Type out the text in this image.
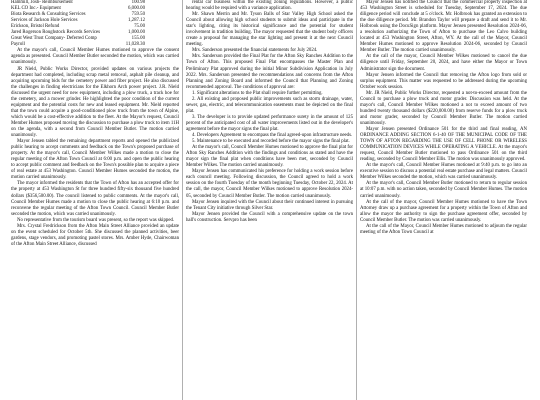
Hammill, Josh- Reimbursement	100.98
KEL CO Inc.- Equipment	6,000.00
Biota Research & Consulting Services	759.50
Services of Jackson Hole Services	1,287.12
Erickson, Bristol Refund	75.00
Jared Rogerson Roughstock Records Services	1,000.00
Great West Trust Company- Deferred Comp	155.00
Payroll	11,028.30

At the mayor's call, Council Member Humes motioned to approve the consent agenda as presented. Council Member Butler seconded the motion, which was carried unanimously.

JR Nield, Public Works Director, provided updates on various projects the department had completed, including scrap metal removal, asphalt pile cleanup, and acquiring upcoming bids for the cemetery power and fiber project. He also discussed the challenges in finding electricians for the Elkhorn Arch power project. J.R. Nield discussed the urgent need for new equipment, including a plow truck, a track hoe for the cemetery, and a mower grinder. He highlighted the poor condition of the current equipment and the potential costs for new and leased equipment. Mr. Nield reported that the town could acquire a good-conditioned plow truck from the town of Alpine, which would be a cost-effective addition to the fleet. At the Mayor's request, Council Member Humes proposed moving the discussion to purchase a plow truck to item 11H on the agenda, with a second from Council Member Butler. The motion carried unanimously.

Mayor Jensen tabled the remaining department reports and opened the publicized public hearing to accept comments and feedback on the Town's proposed purchase of property. At the mayor's call, Council Member Wilkes made a motion to close the regular meeting of the Afton Town Council at 6:00 p.m. and open the public hearing to accept public comment and feedback on the Town's possible plan to acquire a piece of real estate at 453 Washington. Council Member Humes seconded the motion, the motion carried unanimously.

The mayor informed the residents that the Town of Afton has an accepted offer for the property at 453 Washington St for three hundred fifty-six thousand five hundred dollars ($356,500.00). The council listened to public comments. At the mayor's call, Council Member Humes made a motion to close the public hearing at 6:10 p.m. and reconvene the regular meeting of the Afton Town Council. Council Member Butler seconded the motion, which was carried unanimously.

No representative from the tourism board was present, so the report was skipped.

Mrs. Crystal Fredrickson from the Afton Main Street Alliance provided an update on the event scheduled for October 5th. She discussed the planned activities, beer gardens, stage vendors, and promoting pastel stores. Mrs. Amber Hyde, Chairwoman of the Afton Main Street Alliance, discussed

rental car business within the existing zoning regulations. However, a public hearing would be required with a variance application.

Mr. Shawn Merrin and Mr. Tyson Balls of Star Valley High School asked the Council about allowing high school students to submit ideas and participate in the star's lighting, citing its historical significance and the potential for student involvement in tradition building. The mayor requested that the student body officers create a proposal for managing the star lighting and present it at the next Council meeting.

Mrs. Sanderson presented the financial statements for July 2024.

Mrs. Sanderson provided the Final Plat for the Afton Sky Ranches Addition to the Town of Afton. This proposed Final Plat encompasses the Master Plan and Preliminary Plat approved during the initial Minor Subdivision Application in July 2022. Mrs. Sanderson presented the recommendations and concerns from the Afton Planning and Zoning Board and informed the Council that Planning and Zoning recommended approval. The conditions of approval are:

1. Significant alterations to the Plat shall require further permitting.

2. All existing and proposed public improvements such as storm drainage, water, sewer, gas, electric, and telecommunication easements must be depicted on the final plat.

3. The developer is to provide updated performance surety in the amount of 125 percent of the anticipated cost of all water improvements listed out in the developer's agreement before the mayor signs the final plat.

4. Developers Agreement to encompass the final agreed-upon infrastructure needs.

5. Maintenance to be executed and recorded before the mayor signs the final plat.

At the mayor's call, Council Member Humes motioned to approve the final plat for Afton Sky Ranches Addition with the findings and conditions as stated and have the mayor sign the final plat when conditions have been met, seconded by Council Member Wilkes. The motion carried unanimously.

Mayor Jensen has communicated his preference for holding a work session before each council meeting. Following discussion, the Council agreed to hold a work session on the fourth Tuesday of the month beginning Tuesday, October 22, 2024. At the call, the mayor, Council Member Wilkes motioned to approve Resolution 2024-05, seconded by Council Member Butler. The motion carried unanimously.

Mayor Jensen inquired with the Council about their continued interest in pursuing the Tenant City initiative through Silver Star.

Mayor Jensen provided the Council with a comprehensive update on the town hall's construction. Servpro has been

Mayor Jensen has notified the Council that the commercial property inspection at 453 Washington Street is scheduled for Tuesday, September 17, 2024. The due diligence period will conclude at 5 o'clock. Mr. Holbrook has granted an extension to the due diligence period. Mr. Brandon Taylor will prepare a draft and send it to Mr. Holbrook using the DocuSign platform. Mayor Jensen presented Resolution 2024-06, a resolution authorizing the Town of Afton to purchase the Leo Calvo building located at 453 Washington Street, Afton, WY. At the call of the Mayor, Council Member Humes motioned to approve Resolution 2024-06, seconded by Council Member Butler. The motion carried unanimously.

At the call of the mayor, Council Member Wilkes motioned to cancel the due diligence until Friday, September 20, 2024, and have either the Mayor or Town Administrator sign the document.

Mayor Jensen informed the Council that removing the Afton logo from sold or surplus equipment. This matter was requested to be addressed during the upcoming October work session.

Mr. JR Nield, Public Works Director, requested a not-to-exceed amount from the Council to purchase a plow truck and motor grader. Discussion was held. At the mayor's call, Council Member Wilkes motioned a not to exceed amount of two hundred twenty thousand dollars ($220,000.00) from reserve funds for a plow truck and motor grader, seconded by Council Member Butler. The motion carried unanimously.

Mayor Jensen presented Ordinance 501 for the third and final reading, AN ORDINANCE ADDING SECTION 6-1-40 OF THE MUNICIPAL CODE OF THE TOWN OF AFTON REGARDING THE USE OF CELL PHONE OR WIRELESS COMMUNICATION DEVICES WHILE OPERATING A VEHICLE. At the mayor's request, Council Member Butler motioned to pass Ordinance 501 on the third reading, seconded by Council Member Ellis. The motion was unanimously approved.

At the mayor's call, Council Member Humes motioned at 9:40 p.m. to go into an executive session to discuss a potential real estate purchase and legal matters. Council Member Wilkes seconded the motion, which was carried unanimously.

At the mayor's call, Council Member Butler motioned to return to regular session at 10:07 p.m. with no action taken, seconded by Council Member Humes. The motion carried unanimously.

At the call of the mayor, Council Member Humes motioned to have the Town Attorney draw up a purchase agreement for a property within the Town of Afton and allow the mayor the authority to sign the purchase agreement offer, seconded by Council Member Butler. The motion was carried unanimously.

At the call of the Mayor, Council Member Humes motioned to adjourn the regular meeting of the Afton Town Council at
